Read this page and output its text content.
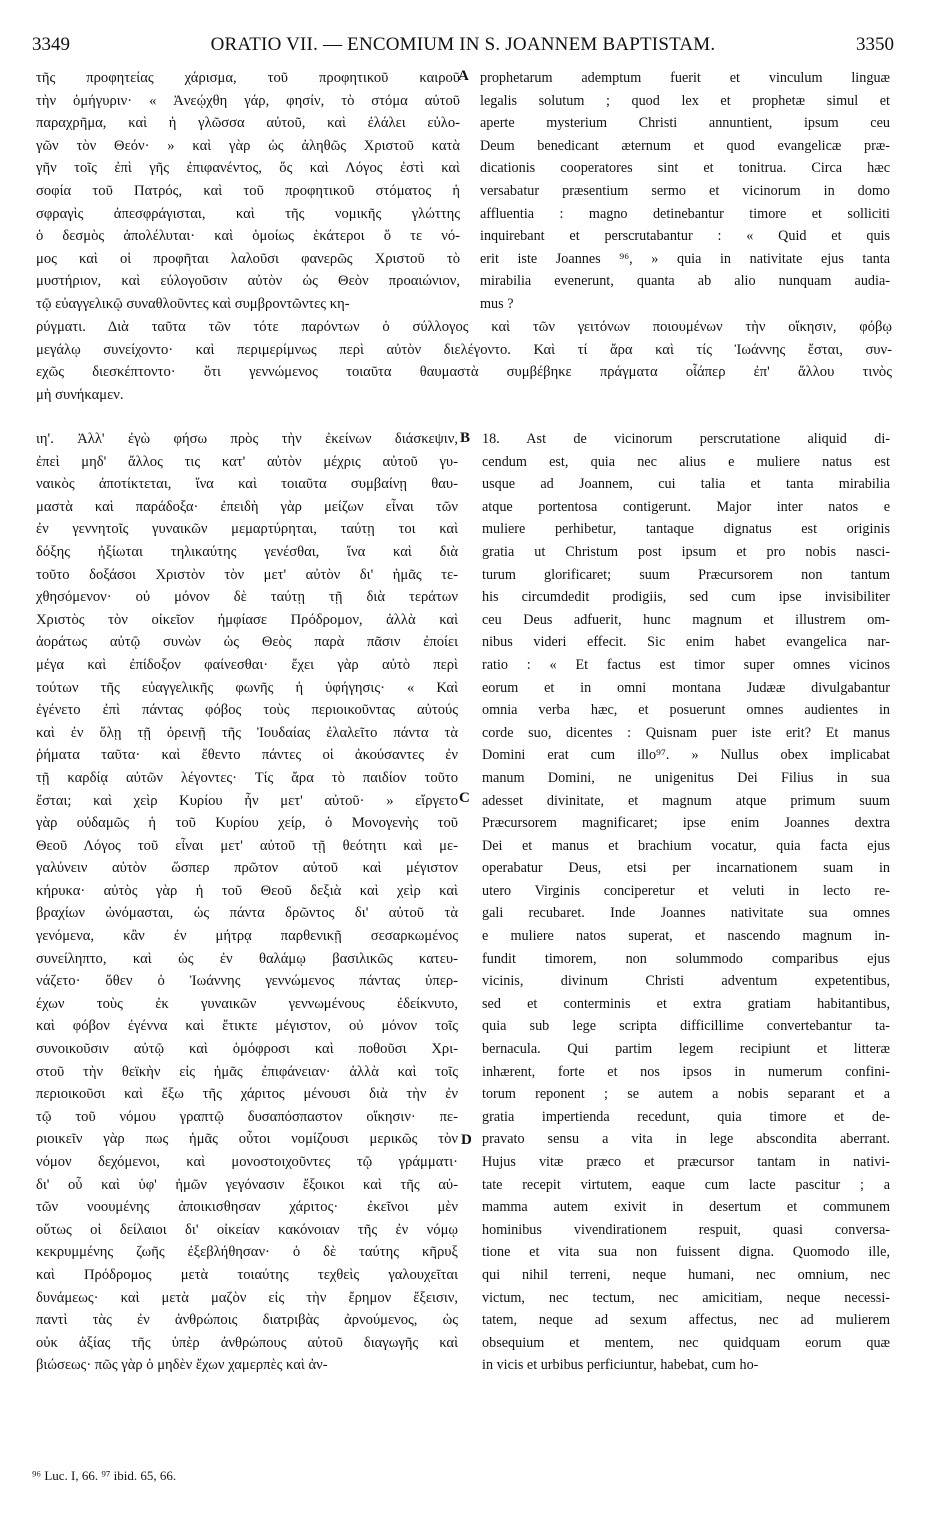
3349	ORATIO VII. — ENCOMIUM IN S. JOANNEM BAPTISTAM.	3350
τῆς προφητείας χάρισμα, τοῦ προφητικοῦ καιροῦ
τὴν ὁμήγυριν· « Ἀνεῴχθη γάρ, φησίν, τὸ στόμα αὐτοῦ
παραχρῆμα, καὶ ἡ γλῶσσα αὐτοῦ, καὶ ἐλάλει εὐλο-
γῶν τὸν Θεόν· » καὶ γὰρ ὡς ἀληθῶς Χριστοῦ κατὰ
γῆν τοῖς ἐπὶ γῆς ἐπιφανέντος, ὅς καὶ Λόγος ἐστὶ καὶ
σοφία τοῦ Πατρός, καὶ τοῦ προφητικοῦ στόματος ἡ
σφραγὶς ἀπεσφράγισται, καὶ τῆς νομικῆς γλώττης
ὁ δεσμὸς ἀπολέλυται· καὶ ὁμοίως ἑκάτεροι ὅ τε νό-
μος καὶ οἱ προφῆται λαλοῦσι φανερῶς Χριστοῦ τὸ
μυστήριον, καὶ εὐλογοῦσιν αὐτὸν ὡς Θεὸν προαιώνιον,
τῷ εὐαγγελικῷ συναθλοῦντες καὶ συμβροντῶντες κη-
prophetarum ademptum fuerit et vinculum linguæ
legalis solutum ; quod lex et prophetæ simul et
aperte mysterium Christi annuntient, ipsum ceu
Deum benedicant æternum et quod evangelicæ præ-
dicationis cooperatores sint et tonitrua. Circa hæc
versabatur præsentium sermo et vicinorum in domo
affluentia : magno detinebantur timore et solliciti
inquirebant et perscrutabantur : « Quid et quis
erit iste Joannes ⁹⁶, » quia in nativitate ejus tanta
mirabilia evenerunt, quanta ab alio nunquam audia-
mus ?
ρύγματι. Διὰ ταῦτα τῶν τότε παρόντων ὁ σύλλογος καὶ τῶν γειτόνων ποιουμένων τὴν οἴκησιν, φόβῳ
μεγάλῳ συνείχοντο· καὶ περιμερίμνως περὶ αὐτὸν διελέγοντο. Καὶ τί ἄρα καὶ τίς Ἰωάννης ἔσται, συν-
εχῶς διεσκέπτοντο· ὅτι γεννώμενος τοιαῦτα θαυμαστὰ συμβέβηκε πράγματα οἷάπερ ἐπ' ἄλλου τινὸς
μὴ συνήκαμεν.
ιη'. Ἀλλ' ἐγὼ φήσω πρὸς τὴν ἐκείνων διάσκεψιν,
ἐπεὶ μηδ' ἄλλος τις κατ' αὐτὸν μέχρις αὐτοῦ γυ-
ναικὸς ἀποτίκτεται, ἵνα καὶ τοιαῦτα συμβαίνῃ θαυ-
μαστὰ καὶ παράδοξα· ἐπειδὴ γὰρ μείζων εἶναι τῶν
ἐν γεννητοῖς γυναικῶν μεμαρτύρηται, ταύτῃ τοι καὶ
δόξης ἠξίωται τηλικαύτης γενέσθαι, ἵνα καὶ διὰ
τοῦτο δοξάσοι Χριστὸν τὸν μετ' αὐτὸν δι' ἡμᾶς τε-
χθησόμενον· οὐ μόνον δὲ ταύτῃ τῇ διὰ τεράτων
Χριστὸς τὸν οἰκεῖον ἠμφίασε Πρόδρομον, ἀλλὰ καὶ
ἀοράτως αὐτῷ συνὼν ὡς Θεὸς παρὰ πᾶσιν ἐποίει
μέγα καὶ ἐπίδοξον φαίνεσθαι· ἔχει γὰρ αὐτὸ περὶ
τούτων τῆς εὐαγγελικῆς φωνῆς ἡ ὑφήγησις· « Καὶ
ἐγένετο ἐπὶ πάντας φόβος τοὺς περιοικοῦντας αὐτούς
καὶ ἐν ὅλῃ τῇ ὀρεινῇ τῆς Ἰουδαίας ἐλαλεῖτο πάντα τὰ
ῥήματα ταῦτα· καὶ ἔθεντο πάντες οἱ ἀκούσαντες ἐν
τῇ καρδίᾳ αὐτῶν λέγοντες· Τίς ἄρα τὸ παιδίον τοῦτο
ἔσται; καὶ χεὶρ Κυρίου ἦν μετ' αὐτοῦ· » εἴργετο
γὰρ οὐδαμῶς ἡ τοῦ Κυρίου χείρ, ὁ Μονογενὴς τοῦ
Θεοῦ Λόγος τοῦ εἶναι μετ' αὐτοῦ τῇ θεότητι καὶ με-
γαλύνειν αὐτὸν ὥσπερ πρῶτον αὐτοῦ καὶ μέγιστον
κήρυκα· αὐτὸς γὰρ ἡ τοῦ Θεοῦ δεξιὰ καὶ χεὶρ καὶ
βραχίων ὠνόμασται, ὡς πάντα δρῶντος δι' αὐτοῦ τὰ
γενόμενα, κἂν ἐν μήτρᾳ παρθενικῇ σεσαρκωμένος
συνείληπτο, καὶ ὡς ἐν θαλάμῳ βασιλικῶς κατευ-
νάζετο· ὅθεν ὁ Ἰωάννης γεννώμενος πάντας ὑπερ-
έχων τοὺς ἐκ γυναικῶν γεννωμένους ἐδείκνυτο,
καὶ φόβον ἐγέννα καὶ ἔτικτε μέγιστον, οὐ μόνον τοῖς
συνοικοῦσιν αὐτῷ καὶ ὁμόφροσι καὶ ποθοῦσι Χρι-
στοῦ τὴν θεϊκὴν εἰς ἡμᾶς ἐπιφάνειαν· ἀλλὰ καὶ τοῖς
περιοικοῦσι καὶ ἔξω τῆς χάριτος μένουσι διὰ τὴν ἐν
τῷ τοῦ νόμου γραπτῷ δυσαπόσπαστον οἴκησιν· πε-
ριοικεῖν γὰρ πως ἡμᾶς οὗτοι νομίζουσι μερικῶς τὸν
νόμον δεχόμενοι, καὶ μονοστοιχοῦντες τῷ γράμματι·
δι' οὗ καὶ ὑφ' ἡμῶν γεγόνασιν ἔξοικοι καὶ τῆς αὐ-
τῶν νοουμένης ἀποικισθησαν χάριτος· ἐκεῖνοι μὲν
οὕτως οἱ δείλαιοι δι' οἰκείαν κακόνοιαν τῆς ἐν νόμῳ
κεκρυμμένης ζωῆς ἐξεβλήθησαν· ὁ δὲ ταύτης κῆρυξ
καὶ Πρόδρομος μετὰ τοιαύτης τεχθεὶς γαλουχεῖται
δυνάμεως· καὶ μετὰ μαζὸν εἰς τὴν ἔρημον ἔξεισιν,
παντὶ τὰς ἐν ἀνθρώποις διατριβὰς ἀρνούμενος, ὡς
οὐκ ἀξίας τῆς ὑπὲρ ἀνθρώπους αὐτοῦ διαγωγῆς καὶ
βιώσεως· πῶς γὰρ ὁ μηδὲν ἔχων χαμερπὲς καὶ ἀν-
18. Ast de vicinorum perscrutatione aliquid di-
cendum est, quia nec alius e muliere natus est
usque ad Joannem, cui talia et tanta mirabilia
atque portentosa contigerunt. Major inter natos e
muliere perhibetur, tantaque dignatus est originis
gratia ut Christum post ipsum et pro nobis nasci-
turum glorificaret; suum Præcursorem non tantum
his circumdedit prodigiis, sed cum ipse invisibiliter
ceu Deus adfuerit, hunc magnum et illustrem om-
nibus videri effecit. Sic enim habet evangelica nar-
ratio : « Et factus est timor super omnes vicinos
eorum et in omni montana Judææ divulgabantur
omnia verba hæc, et posuerunt omnes audientes in
corde suo, dicentes : Quisnam puer iste erit? Et manus
Domini erat cum illo⁹⁷. » Nullus obex implicabat
manum Domini, ne unigenitus Dei Filius in sua
adesset divinitate, et magnum atque primum suum
Præcursorem magnificaret; ipse enim Joannes dextra
Dei et manus et brachium vocatur, quia facta ejus
operabatur Deus, etsi per incarnationem suam in
utero Virginis conciperetur et veluti in lecto re-
gali recubaret. Inde Joannes nativitate sua omnes
e muliere natos superat, et nascendo magnum in-
fundit timorem, non solummodo comparibus ejus
vicinis, divinum Christi adventum expetentibus,
sed et conterminis et extra gratiam habitantibus,
quia sub lege scripta difficillime convertebantur ta-
bernacula. Qui partim legem recipiunt et litteræ
inhærent, forte et nos ipsos in numerum confini-
torum reponent ; se autem a nobis separant et a
gratia impertienda recedunt, quia timore et de-
pravato sensu a vita in lege abscondita aberrant.
Hujus vitæ præco et præcursor tantam in nativi-
tate recepit virtutem, eaque cum lacte pascitur ; a
mamma autem exivit in desertum et communem
hominibus vivendirationem respuit, quasi conversa-
tione et vita sua non fuissent digna. Quomodo ille,
qui nihil terreni, neque humani, nec omnium, nec
victum, nec tectum, nec amicitiam, neque necessi-
tatem, neque ad sexum affectus, nec ad mulierem
obsequium et mentem, nec quidquam eorum quæ
in vicis et urbibus perficiuntur, habebat, cum ho-
A
B
C
D
⁹⁶ Luc. I, 66. ⁹⁷ ibid. 65, 66.
